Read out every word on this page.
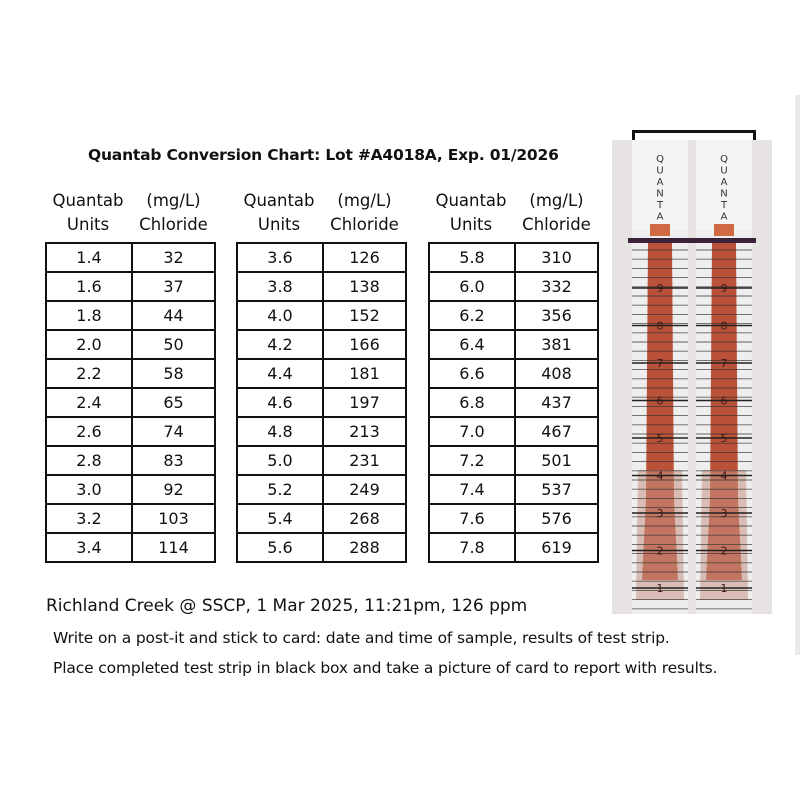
Quantab Conversion Chart: Lot #A4018A, Exp. 01/2026
Quantab	(mg/L)
Units	Chloride
1.4	32
1.6	37
1.8	44
2.0	50
2.2	58
2.4	65
2.6	74
2.8	83
3.0	92
3.2	103
3.4	114
Quantab	(mg/L)
Units	Chloride
3.6	126
3.8	138
4.0	152
4.2	166
4.4	181
4.6	197
4.8	213
5.0	231
5.2	249
5.4	268
5.6	288
Quantab	(mg/L)
Units	Chloride
5.8	310
6.0	332
6.2	356
6.4	381
6.6	408
6.8	437
7.0	467
7.2	501
7.4	537
7.6	576
7.8	619
Richland Creek @ SSCP, 1 Mar 2025, 11:21pm, 126 ppm
Write on a post-it and stick to card: date and time of sample, results of test strip.
Place completed test strip in black box and take a picture of card to report with results.
Q
U
A
N
T
A
9
8
7
6
5
4
3
2
1
Q
U
A
N
T
A
9
8
7
6
5
4
3
2
1
